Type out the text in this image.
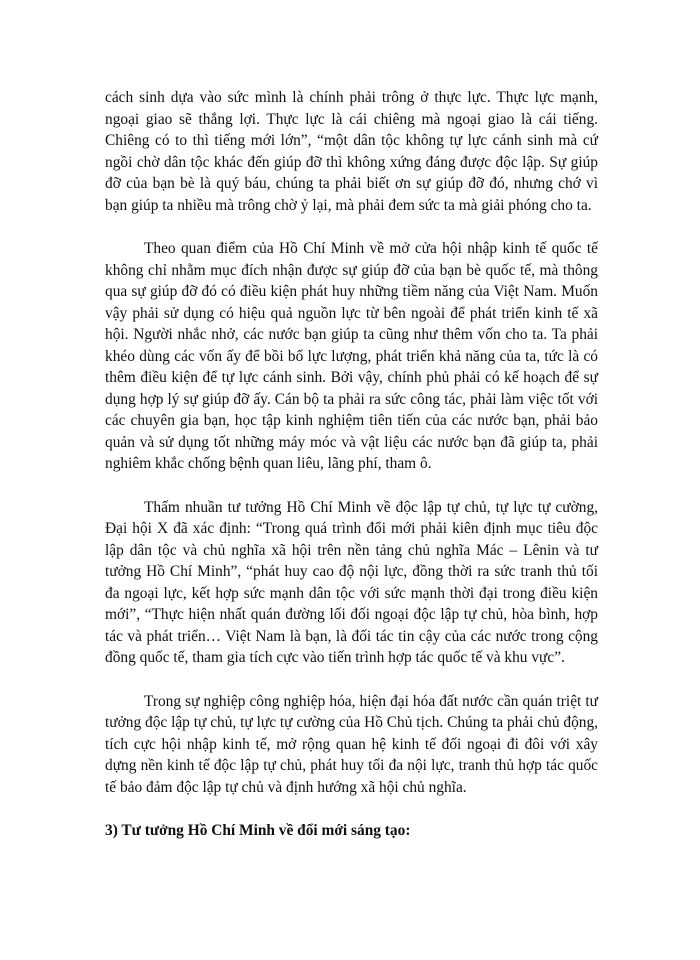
cách sinh dựa vào sức mình là chính phải trông ở thực lực. Thực lực mạnh, ngoại giao sẽ thắng lợi. Thực lực là cái chiêng mà ngoại giao là cái tiếng. Chiêng có to thì tiếng mới lớn”, “một dân tộc không tự lực cánh sinh mà cứ ngồi chờ dân tộc khác đến giúp đỡ thì không xứng đáng được độc lập. Sự giúp đỡ của bạn bè là quý báu, chúng ta phải biết ơn sự giúp đỡ đó, nhưng chớ vì bạn giúp ta nhiều mà trông chờ ỷ lại, mà phải đem sức ta mà giải phóng cho ta.

Theo quan điểm của Hồ Chí Minh về mở cửa hội nhập kinh tế quốc tế không chỉ nhằm mục đích nhận được sự giúp đỡ của bạn bè quốc tế, mà thông qua sự giúp đỡ đó có điều kiện phát huy những tiềm năng của Việt Nam. Muốn vậy phải sử dụng có hiệu quả nguồn lực từ bên ngoài để phát triển kinh tế xã hội. Người nhắc nhở, các nước bạn giúp ta cũng như thêm vốn cho ta. Ta phải khéo dùng các vốn ấy để bồi bổ lực lượng, phát triển khả năng của ta, tức là có thêm điều kiện để tự lực cánh sinh. Bởi vậy, chính phủ phải có kế hoạch để sự dụng hợp lý sự giúp đỡ ấy. Cán bộ ta phải ra sức công tác, phải làm việc tốt với các chuyên gia bạn, học tập kinh nghiệm tiên tiến của các nước bạn, phải bảo quản và sử dụng tốt những máy móc và vật liệu các nước bạn đã giúp ta, phải nghiêm khắc chống bệnh quan liêu, lãng phí, tham ô.

Thấm nhuần tư tưởng Hồ Chí Minh về độc lập tự chủ, tự lực tự cường, Đại hội X đã xác định: “Trong quá trình đổi mới phải kiên định mục tiêu độc lập dân tộc và chủ nghĩa xã hội trên nền tảng chủ nghĩa Mác – Lênin và tư tưởng Hồ Chí Minh”, “phát huy cao độ nội lực, đồng thời ra sức tranh thủ tối đa ngoại lực, kết hợp sức mạnh dân tộc với sức mạnh thời đại trong điều kiện mới”, “Thực hiện nhất quán đường lối đối ngoại độc lập tự chủ, hòa bình, hợp tác và phát triển… Việt Nam là bạn, là đối tác tin cậy của các nước trong cộng đồng quốc tế, tham gia tích cực vào tiến trình hợp tác quốc tế và khu vực”.

Trong sự nghiệp công nghiệp hóa, hiện đại hóa đất nước cần quán triệt tư tưởng độc lập tự chủ, tự lực tự cường của Hồ Chủ tịch. Chúng ta phải chủ động, tích cực hội nhập kinh tế, mở rộng quan hệ kinh tế đối ngoại đi đôi với xây dựng nền kinh tế độc lập tự chủ, phát huy tối đa nội lực, tranh thủ hợp tác quốc tế bảo đảm độc lập tự chủ và định hướng xã hội chủ nghĩa.

3) Tư tưởng Hồ Chí Minh về đổi mới sáng tạo:
